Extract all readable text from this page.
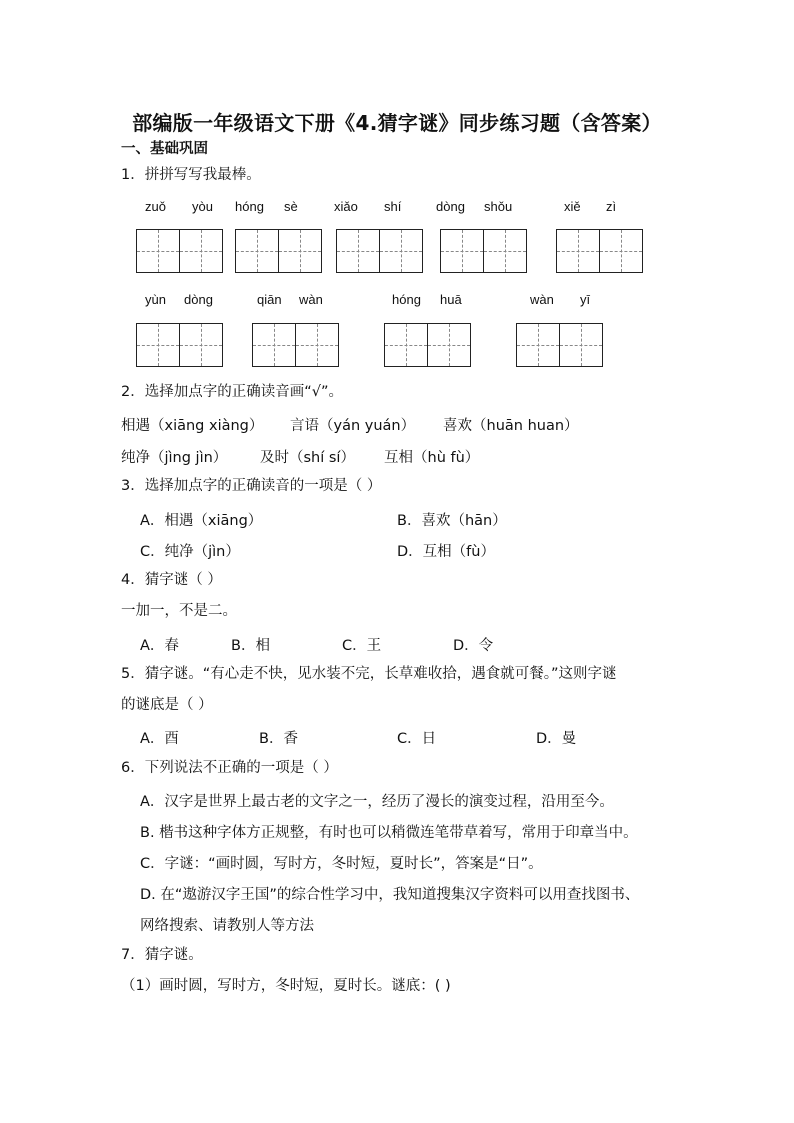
部编版一年级语文下册《4.猜字谜》同步练习题（含答案）
一、基础巩固
1．拼拼写写我最棒。
zuǒ yòu hóng sè	xiǎo shí	dòng shǒu	xiě zì
yùn dòng	qiān wàn	hóng huā	wàn yī
2．选择加点字的正确读音画“√”。
相遇（xiāng xiàng） 言语（yán yuán） 喜欢（huān huan）
纯净（jìng jìn） 及时（shí sí） 互相（hù fù）
3．选择加点字的正确读音的一项是（ ）
A．相遇（xiāng）	B．喜欢（hān）
C．纯净（jìn）	D．互相（fù）
4．猜字谜（ ）
一加一，不是二。
A．春	B．相	C．王	D．令
5．猜字谜。“有心走不快，见水装不完，长草难收拾，遇食就可餐。”这则字谜
的谜底是（ ）
A．酉	B．香	C．日	D．曼
6．下列说法不正确的一项是（ ）
A．汉字是世界上最古老的文字之一，经历了漫长的演变过程，沿用至今。
B. 楷书这种字体方正规整，有时也可以稍微连笔带草着写，常用于印章当中。
C．字谜：“画时圆，写时方，冬时短，夏时长”，答案是“日”。
D. 在“遨游汉字王国”的综合性学习中，我知道搜集汉字资料可以用查找图书、
网络搜索、请教别人等方法
7．猜字谜。
（1）画时圆，写时方，冬时短，夏时长。谜底：( )
